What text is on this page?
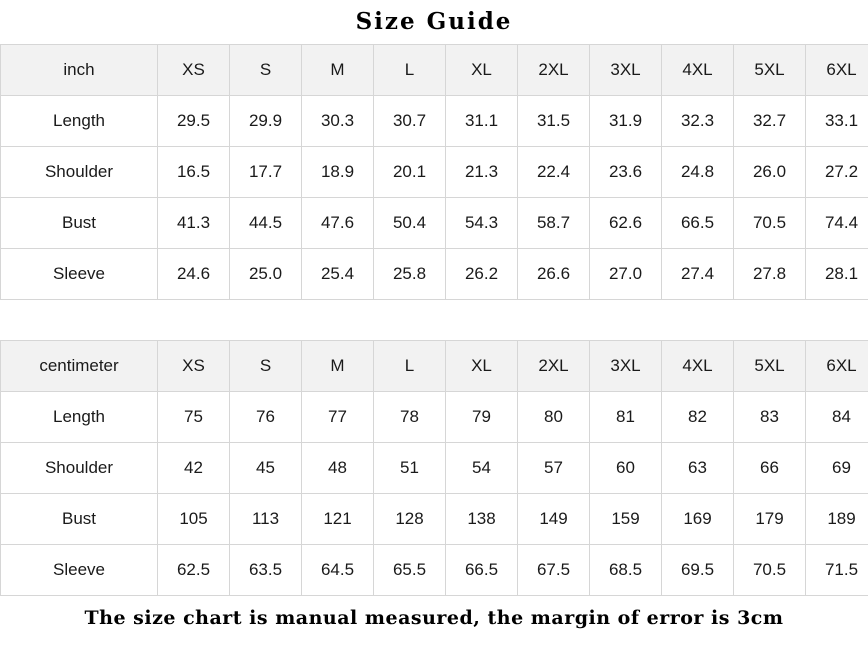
Size Guide
inch	XS	S	M	L	XL	2XL	3XL	4XL	5XL	6XL
Length	29.5	29.9	30.3	30.7	31.1	31.5	31.9	32.3	32.7	33.1
Shoulder	16.5	17.7	18.9	20.1	21.3	22.4	23.6	24.8	26.0	27.2
Bust	41.3	44.5	47.6	50.4	54.3	58.7	62.6	66.5	70.5	74.4
Sleeve	24.6	25.0	25.4	25.8	26.2	26.6	27.0	27.4	27.8	28.1
centimeter	XS	S	M	L	XL	2XL	3XL	4XL	5XL	6XL
Length	75	76	77	78	79	80	81	82	83	84
Shoulder	42	45	48	51	54	57	60	63	66	69
Bust	105	113	121	128	138	149	159	169	179	189
Sleeve	62.5	63.5	64.5	65.5	66.5	67.5	68.5	69.5	70.5	71.5
The size chart is manual measured, the margin of error is 3cm
